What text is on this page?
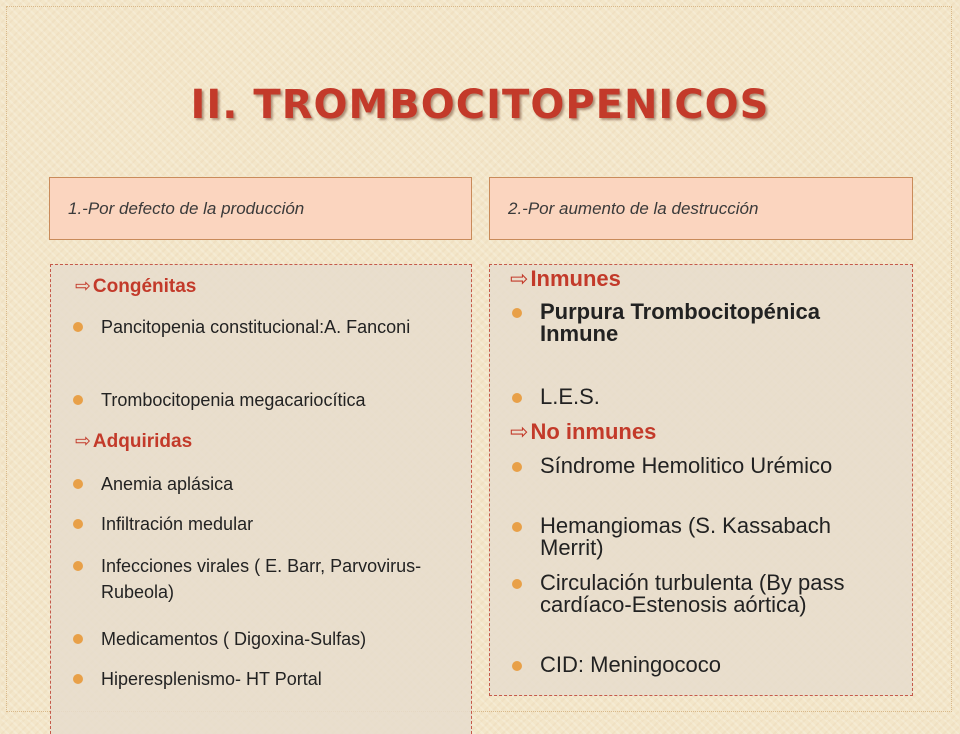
II. TROMBOCITOPENICOS
1.-Por defecto de la producción	2.-Por aumento de la destrucción
⇨ Congénitas
Pancitopenia constitucional:A. Fanconi
Trombocitopenia megacariocítica
⇨ Adquiridas
Anemia aplásica
Infiltración medular
Infecciones virales ( E. Barr, Parvovirus-Rubeola)
Medicamentos ( Digoxina-Sulfas)
Hiperesplenismo- HT Portal
⇨ Inmunes
Purpura Trombocitopénica Inmune
L.E.S.
⇨ No inmunes
Síndrome Hemolitico Urémico
Hemangiomas (S. Kassabach Merrit)
Circulación turbulenta (By pass cardíaco-Estenosis aórtica)
CID: Meningococo
